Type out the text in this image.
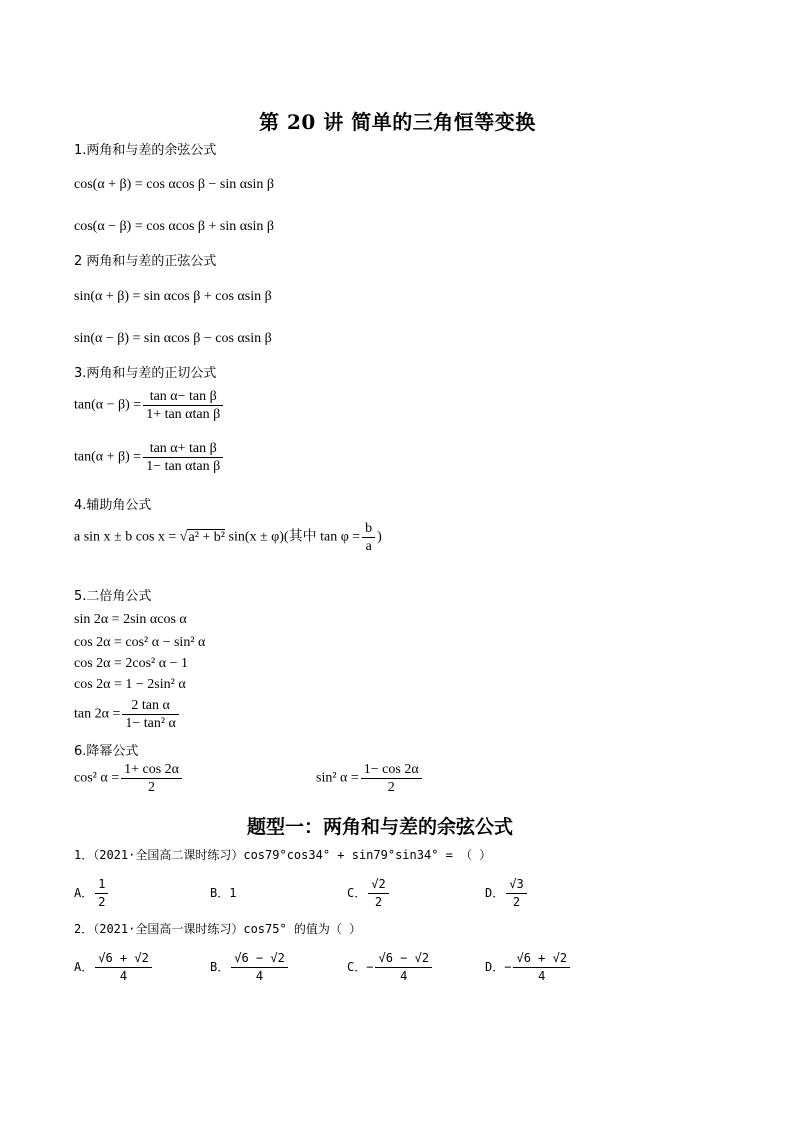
第 20 讲 简单的三角恒等变换
1.两角和与差的余弦公式
cos(α + β) = cos αcos β − sin αsin β
cos(α − β) = cos αcos β + sin αsin β
2 两角和与差的正弦公式
sin(α + β) = sin αcos β + cos αsin β
sin(α − β) = sin αcos β − cos αsin β
3.两角和与差的正切公式
$\tan(\alpha - \beta) = \frac{\text{tan α− tan β}}{\text{1+ tan αtan β}}$
$\tan(\alpha + \beta) = \frac{\text{tan α+ tan β}}{\text{1− tan αtan β}}$
4.辅助角公式
a sin x ± b cos x = √a² + b² sin(x ± φ)(其中 $\tan \varphi = \frac{b}{a}$ )
5.二倍角公式
sin 2α = 2sin αcos α
cos 2α = cos² α − sin² α
cos 2α = 2cos² α − 1
cos 2α = 1 − 2sin² α
$\tan 2\alpha = \frac{\text{2 tan α}}{\text{1− tan² α}}$
6.降幂公式
cos² $\alpha = \frac{1+ \cos 2\alpha}{2}$	sin² $\alpha = \frac{1- \cos 2\alpha}{2}$
题型一：两角和与差的余弦公式
1．（2021·全国高二课时练习）cos79°cos34° + sin79°sin34° = （ ）
A． $\frac{1}{2}$	B．1	C． $\frac{√2}{2}$	D． $\frac{√3}{2}$
2．（2021·全国高一课时练习）cos75° 的值为（ ）
A． $\frac{√6 + √2}{4}$	B． $\frac{√6 - √2}{4}$	C．− $\frac{√6 - √2}{4}$	D．− $\frac{√6 + √2}{4}$
